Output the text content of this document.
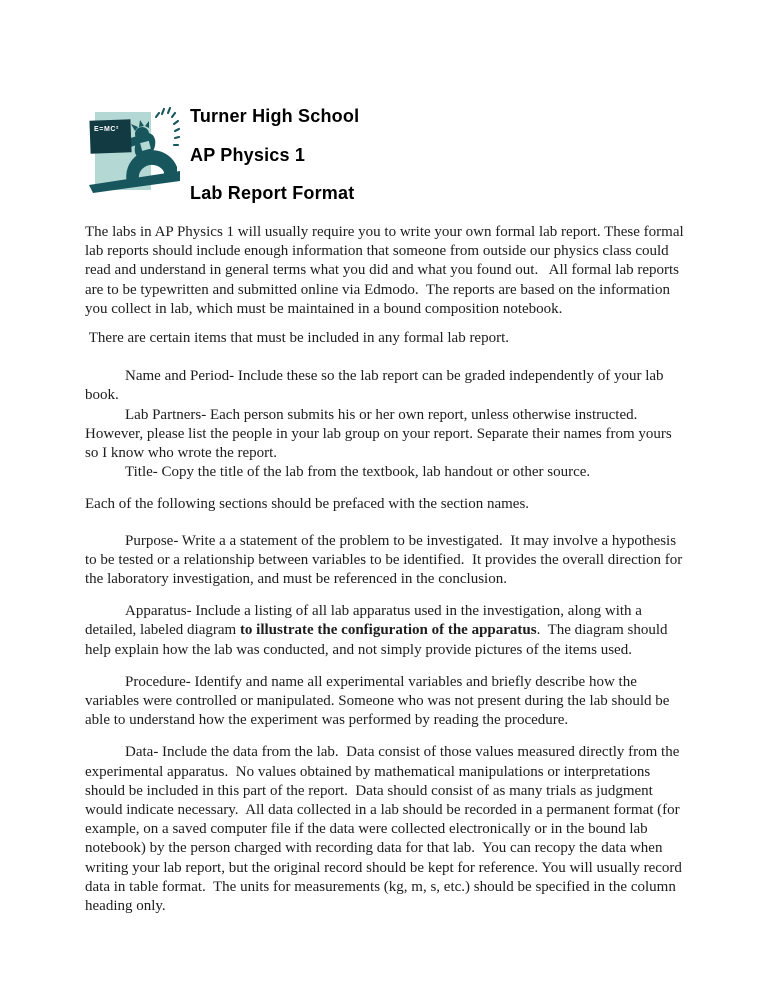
E=MC²
Turner High School
AP Physics 1
Lab Report Format

The labs in AP Physics 1 will usually require you to write your own formal lab report. These formal lab reports should include enough information that someone from outside our physics class could read and understand in general terms what you did and what you found out.   All formal lab reports are to be typewritten and submitted online via Edmodo.  The reports are based on the information you collect in lab, which must be maintained in a bound composition notebook.

There are certain items that must be included in any formal lab report.

Name and Period- Include these so the lab report can be graded independently of your lab book.

Lab Partners- Each person submits his or her own report, unless otherwise instructed. However, please list the people in your lab group on your report. Separate their names from yours so I know who wrote the report.

Title- Copy the title of the lab from the textbook, lab handout or other source.

Each of the following sections should be prefaced with the section names.

Purpose- Write a a statement of the problem to be investigated.  It may involve a hypothesis to be tested or a relationship between variables to be identified.  It provides the overall direction for the laboratory investigation, and must be referenced in the conclusion.

Apparatus- Include a listing of all lab apparatus used in the investigation, along with a detailed, labeled diagram to illustrate the configuration of the apparatus.  The diagram should help explain how the lab was conducted, and not simply provide pictures of the items used.

Procedure- Identify and name all experimental variables and briefly describe how the variables were controlled or manipulated. Someone who was not present during the lab should be able to understand how the experiment was performed by reading the procedure.

Data- Include the data from the lab.  Data consist of those values measured directly from the experimental apparatus.  No values obtained by mathematical manipulations or interpretations should be included in this part of the report.  Data should consist of as many trials as judgment would indicate necessary.  All data collected in a lab should be recorded in a permanent format (for example, on a saved computer file if the data were collected electronically or in the bound lab notebook) by the person charged with recording data for that lab.  You can recopy the data when writing your lab report, but the original record should be kept for reference. You will usually record data in table format.  The units for measurements (kg, m, s, etc.) should be specified in the column heading only.
